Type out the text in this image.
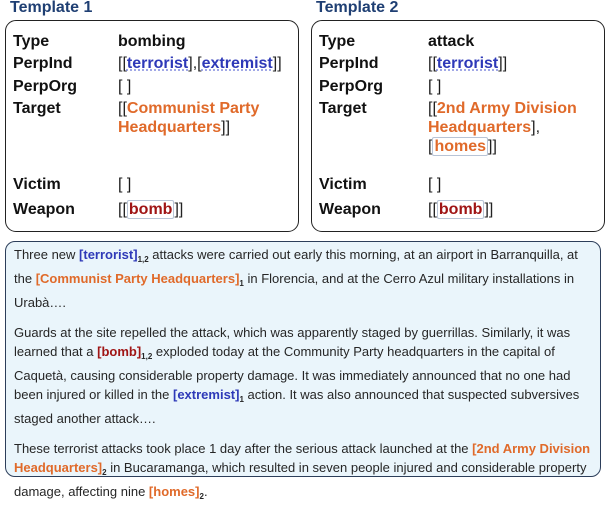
Template 1
Type	bombing
PerpInd	[[terrorist],[extremist]]
PerpOrg	[ ]
Target	[[Communist Party
Headquarters]]
Victim	[ ]
Weapon	[[ bomb ]]
Template 2
Type	attack
PerpInd	[[terrorist]]
PerpOrg	[ ]
Target	[[2nd Army Division
Headquarters],
[ homes ]]
Victim	[ ]
Weapon	[[ bomb ]]

Three new $[terrorist]_{1,2}$ attacks were carried out early this morning, at an airport in Barranquilla, at the [Communist Party $Headquarters]_1$ in Florencia, and at the Cerro Azul military installations in Urabà….

Guards at the site repelled the attack, which was apparently staged by guerrillas. Similarly, it was learned that a $[bomb]_{1,2}$ exploded today at the Community Party headquarters in the capital of Caquetà, causing considerable property damage. It was immediately announced that no one had been injured or killed in the $[extremist]_1$ action. It was also announced that suspected subversives staged another attack….

These terrorist attacks took place 1 day after the serious attack launched at the [2nd Army Division $Headquarters]_2$ in Bucaramanga, which resulted in seven people injured and considerable property damage, affecting nine $[homes]_2$.
